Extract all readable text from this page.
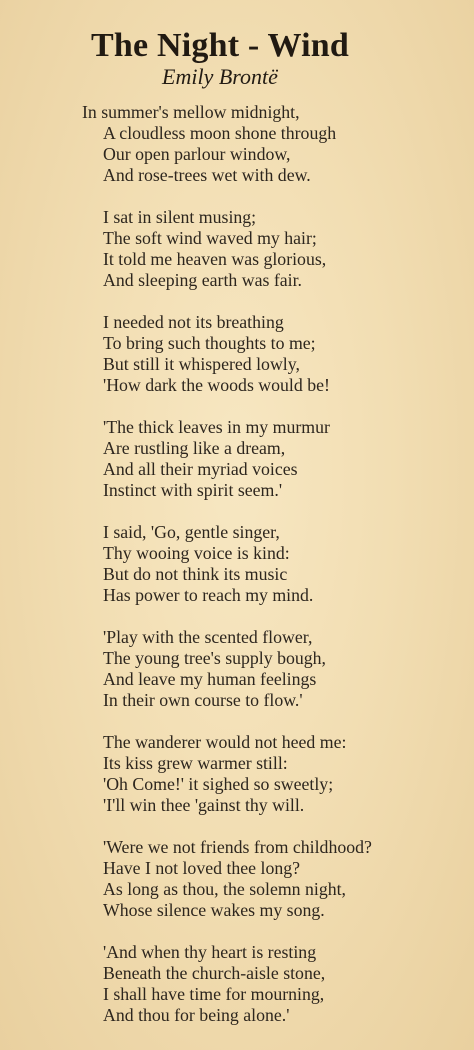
The Night - Wind
Emily Brontë
In summer's mellow midnight,
A cloudless moon shone through
Our open parlour window,
And rose-trees wet with dew.
I sat in silent musing;
The soft wind waved my hair;
It told me heaven was glorious,
And sleeping earth was fair.
I needed not its breathing
To bring such thoughts to me;
But still it whispered lowly,
'How dark the woods would be!
'The thick leaves in my murmur
Are rustling like a dream,
And all their myriad voices
Instinct with spirit seem.'
I said, 'Go, gentle singer,
Thy wooing voice is kind:
But do not think its music
Has power to reach my mind.
'Play with the scented flower,
The young tree's supply bough,
And leave my human feelings
In their own course to flow.'
The wanderer would not heed me:
Its kiss grew warmer still:
'Oh Come!' it sighed so sweetly;
'I'll win thee 'gainst thy will.
'Were we not friends from childhood?
Have I not loved thee long?
As long as thou, the solemn night,
Whose silence wakes my song.
'And when thy heart is resting
Beneath the church-aisle stone,
I shall have time for mourning,
And thou for being alone.'
